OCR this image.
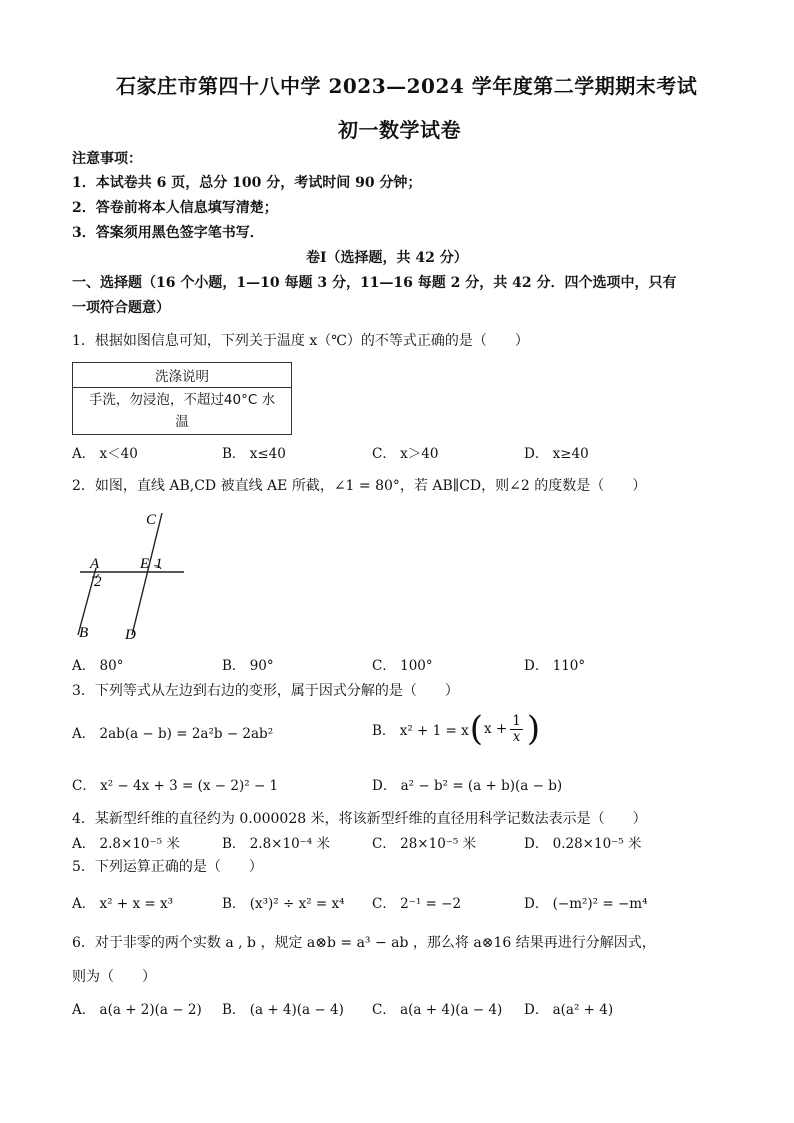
石家庄市第四十八中学 2023—2024 学年度第二学期期末考试
初一数学试卷
注意事项：
1．本试卷共 6 页，总分 100 分，考试时间 90 分钟；
2．答卷前将本人信息填写清楚；
3．答案须用黑色签字笔书写．
卷Ⅰ（选择题，共 42 分）
一、选择题（16 个小题，1—10 每题 3 分，11—16 每题 2 分，共 42 分．四个选项中，只有
一项符合题意）
1．根据如图信息可知，下列关于温度 x（℃）的不等式正确的是（　　）
洗涤说明
手洗，勿浸泡，不超过40°C 水
温
A． x＜40	B． x≤40	C． x＞40	D． x≥40
2．如图，直线 AB,CD 被直线 AE 所截，∠1 = 80°，若 AB∥CD，则∠2 的度数是（　　）
C
A	E 1
2
B D
A． 80°	B． 90°	C． 100°	D． 110°
3．下列等式从左边到右边的变形，属于因式分解的是（　　）
A． 2ab(a − b) = 2a²b − 2ab²	B． x² + 1 = x ( $x + \frac{1}{x}$ )
C． x² − 4x + 3 = (x − 2)² − 1	D． a² − b² = (a + b)(a − b)
4．某新型纤维的直径约为 0.000028 米，将该新型纤维的直径用科学记数法表示是（　　）
A． 2.8×10⁻⁵ 米	B． 2.8×10⁻⁴ 米	C． 28×10⁻⁵ 米	D． 0.28×10⁻⁵ 米
5．下列运算正确的是（　　）
A． x² + x = x³	B． (x³)² ÷ x² = x⁴ C． 2⁻¹ = −2	D． (−m²)² = −m⁴
6．对于非零的两个实数 a , b ，规定 a⊗b = a³ − ab ，那么将 a⊗16 结果再进行分解因式，
则为（　　）
A． a(a + 2)(a − 2) B． (a + 4)(a − 4) C． a(a + 4)(a − 4) D． a(a² + 4)
